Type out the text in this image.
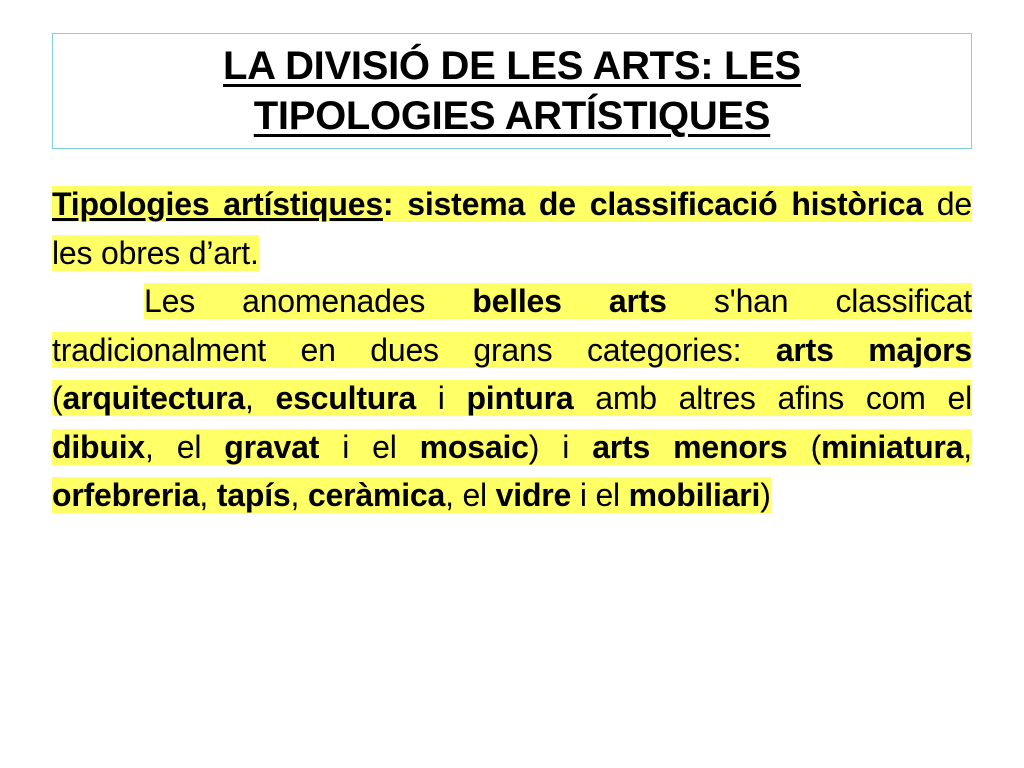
LA DIVISIÓ DE LES ARTS: LES
TIPOLOGIES ARTÍSTIQUES

Tipologies artístiques: sistema de classificació històrica de les obres d’art.

Les anomenades belles arts s'han classificat tradicionalment en dues grans categories: arts majors (arquitectura, escultura i pintura amb altres afins com el dibuix, el gravat i el mosaic) i arts menors (miniatura, orfebreria, tapís, ceràmica, el vidre i el mobiliari)
